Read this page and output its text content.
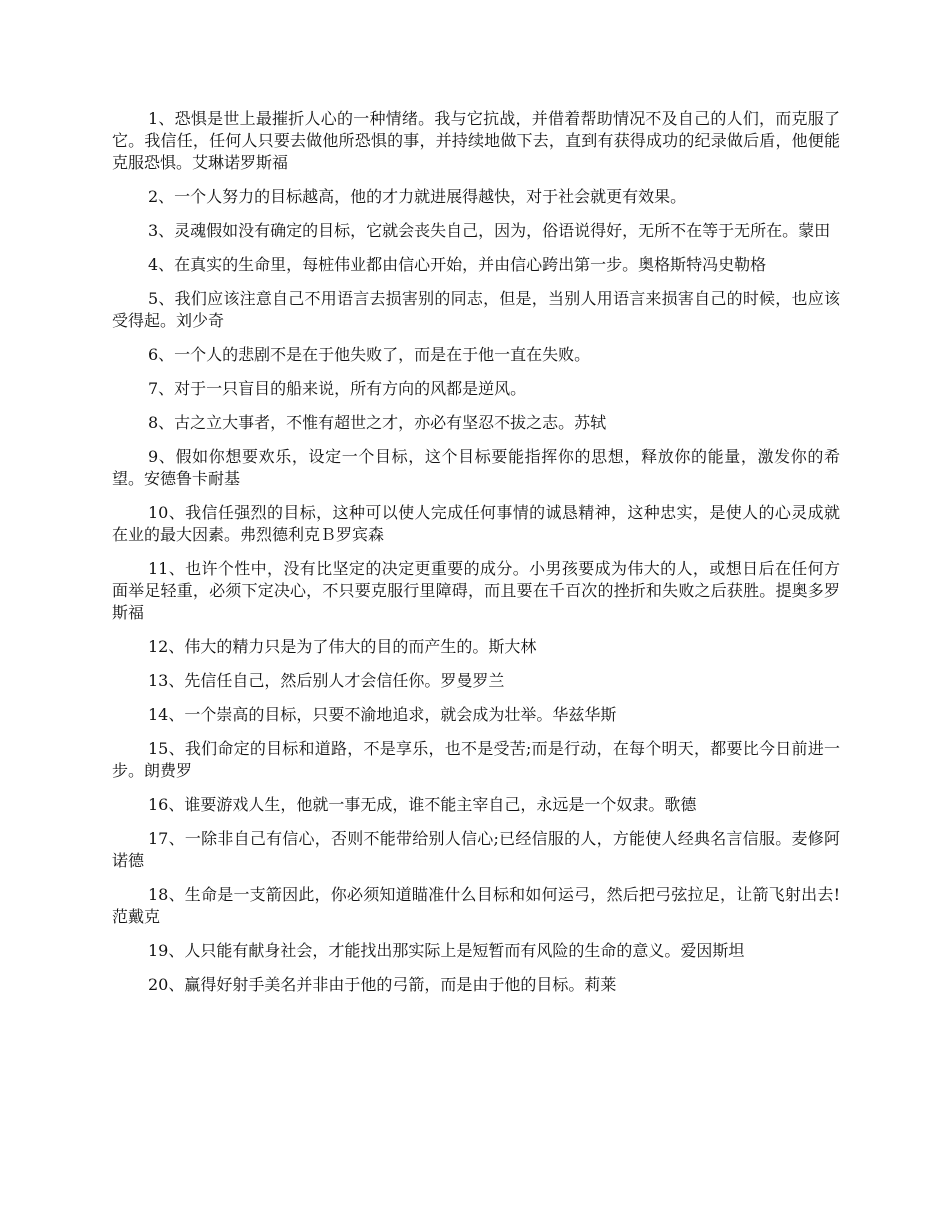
1、恐惧是世上最摧折人心的一种情绪。我与它抗战，并借着帮助情况不及自己的人们，而克服了它。我信任，任何人只要去做他所恐惧的事，并持续地做下去，直到有获得成功的纪录做后盾，他便能克服恐惧。艾琳诺罗斯福

2、一个人努力的目标越高，他的才力就进展得越快，对于社会就更有效果。

3、灵魂假如没有确定的目标，它就会丧失自己，因为，俗语说得好，无所不在等于无所在。蒙田

4、在真实的生命里，每桩伟业都由信心开始，并由信心跨出第一步。奥格斯特冯史勒格

5、我们应该注意自己不用语言去损害别的同志，但是，当别人用语言来损害自己的时候，也应该受得起。刘少奇

6、一个人的悲剧不是在于他失败了，而是在于他一直在失败。

7、对于一只盲目的船来说，所有方向的风都是逆风。

8、古之立大事者，不惟有超世之才，亦必有坚忍不拔之志。苏轼

9、假如你想要欢乐，设定一个目标，这个目标要能指挥你的思想，释放你的能量，激发你的希望。安德鲁卡耐基

10、我信任强烈的目标，这种可以使人完成任何事情的诚恳精神，这种忠实，是使人的心灵成就在业的最大因素。弗烈德利克Ｂ罗宾森

11、也许个性中，没有比坚定的决定更重要的成分。小男孩要成为伟大的人，或想日后在任何方面举足轻重，必须下定决心，不只要克服行里障碍，而且要在千百次的挫折和失败之后获胜。提奥多罗斯福

12、伟大的精力只是为了伟大的目的而产生的。斯大林

13、先信任自己，然后别人才会信任你。罗曼罗兰

14、一个崇高的目标，只要不渝地追求，就会成为壮举。华兹华斯

15、我们命定的目标和道路，不是享乐，也不是受苦;而是行动，在每个明天，都要比今日前进一步。朗费罗

16、谁要游戏人生，他就一事无成，谁不能主宰自己，永远是一个奴隶。歌德

17、一除非自己有信心，否则不能带给别人信心;已经信服的人，方能使人经典名言信服。麦修阿诺德

18、生命是一支箭因此，你必须知道瞄准什么目标和如何运弓，然后把弓弦拉足，让箭飞射出去!范戴克

19、人只能有献身社会，才能找出那实际上是短暂而有风险的生命的意义。爱因斯坦

20、赢得好射手美名并非由于他的弓箭，而是由于他的目标。莉莱
